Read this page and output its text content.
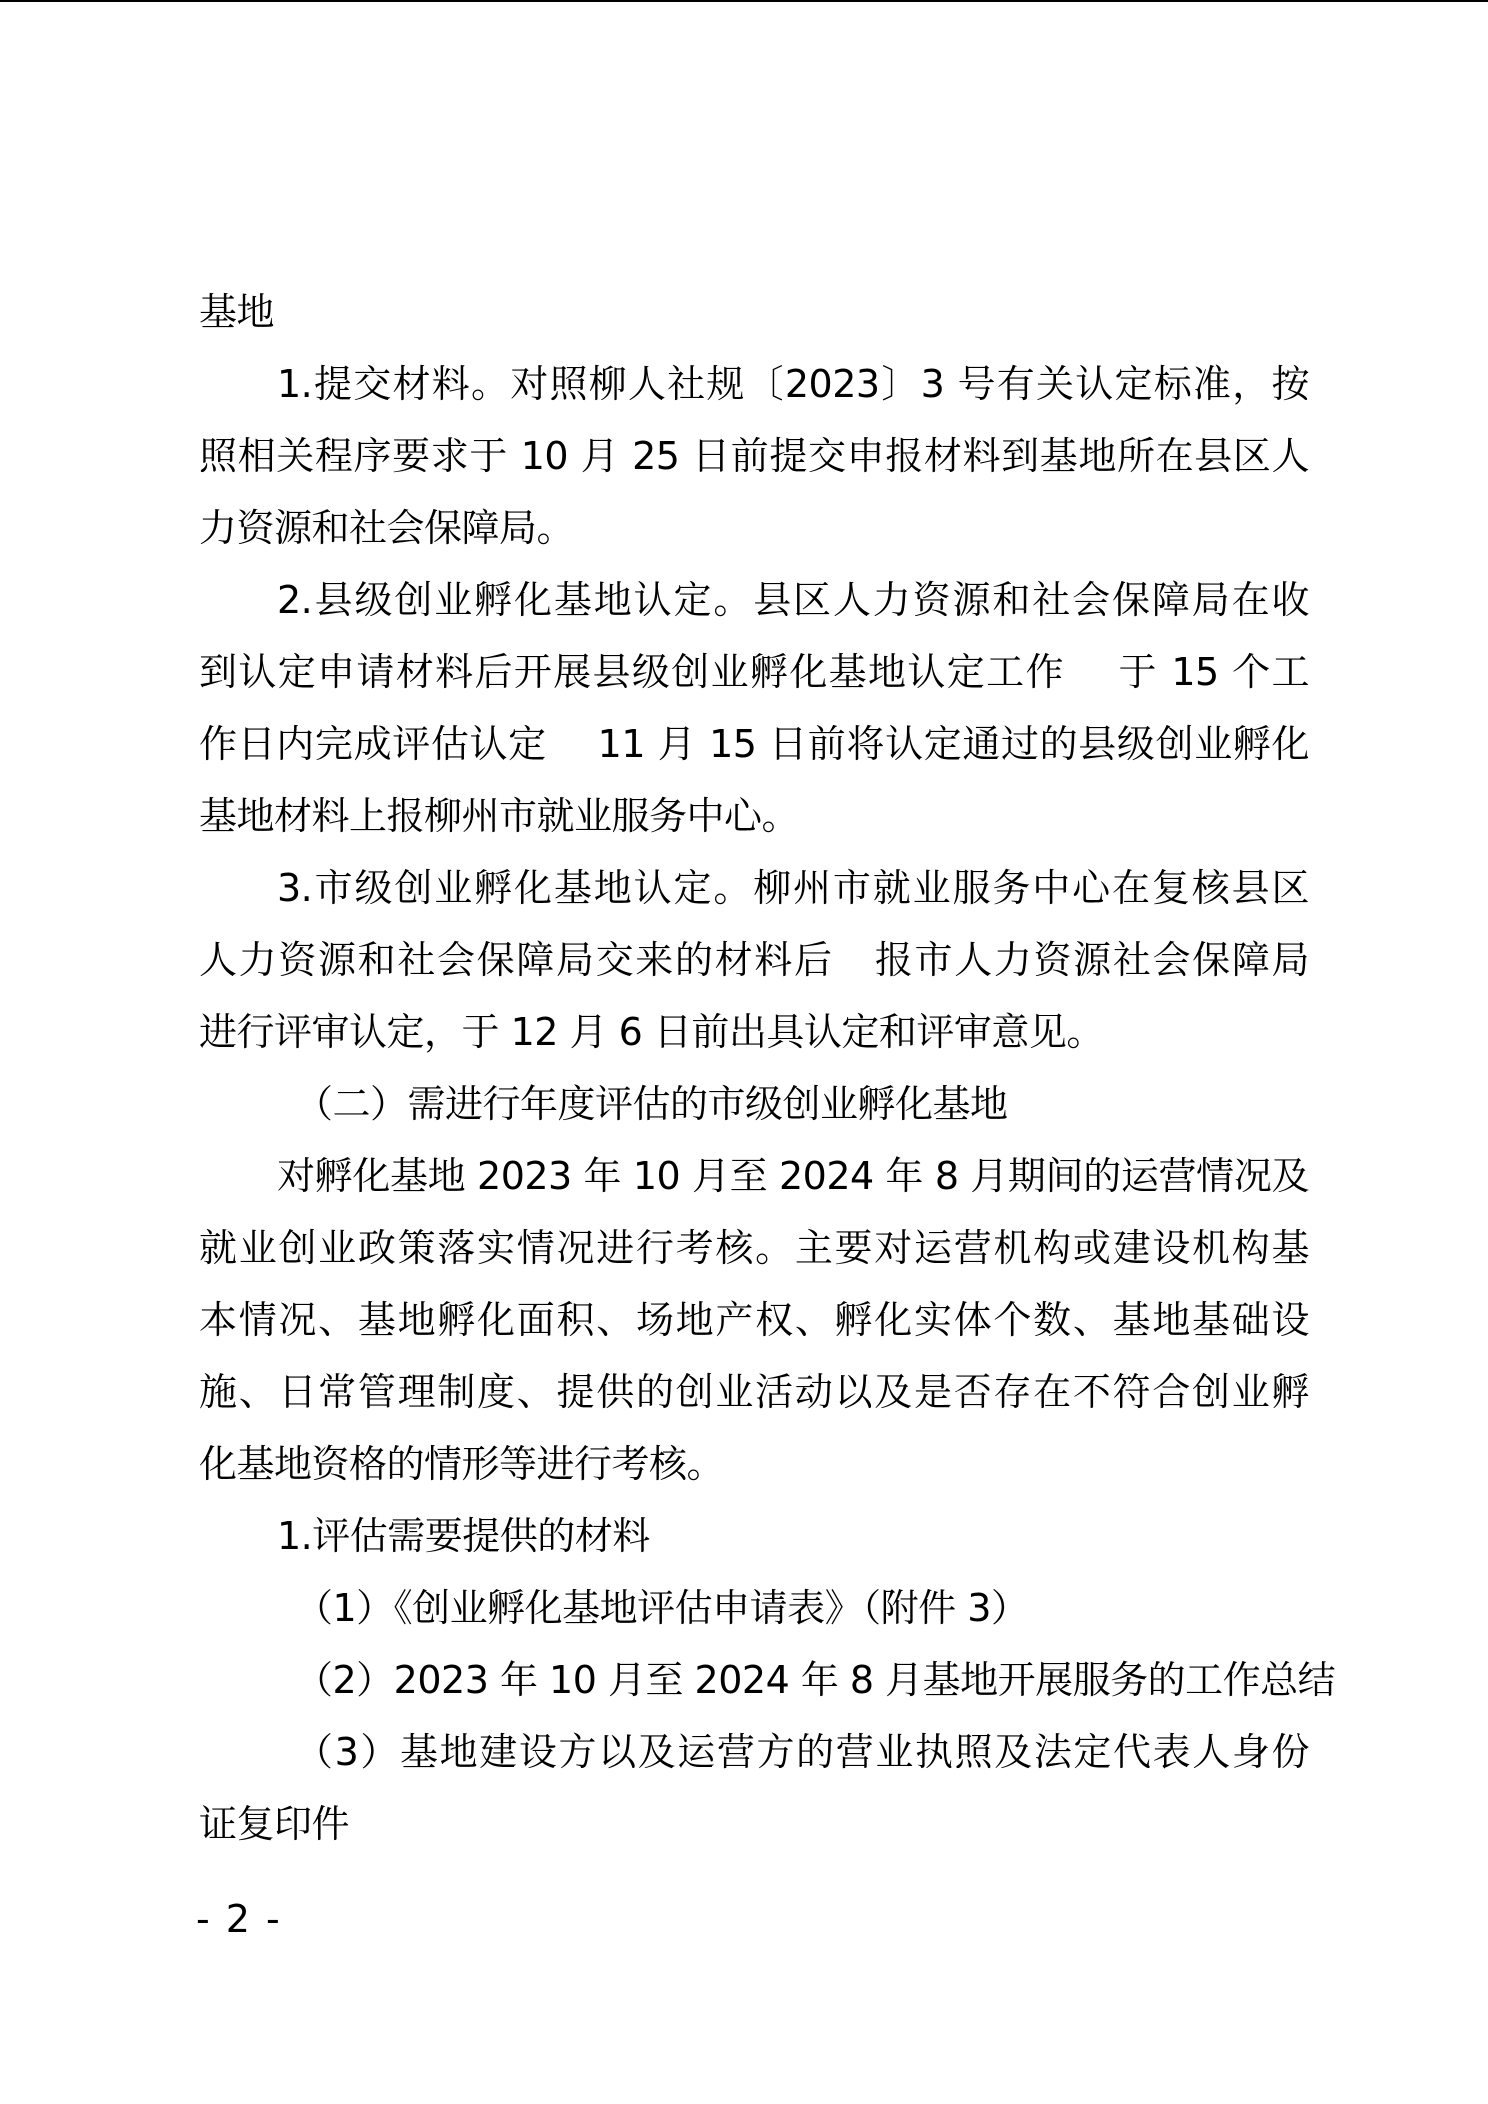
基地
1.提交材料。对照柳人社规〔2023〕3 号有关认定标准，按
照相关程序要求于 10 月 25 日前提交申报材料到基地所在县区人
力资源和社会保障局。
2.县级创业孵化基地认定。县区人力资源和社会保障局在收
到认定申请材料后开展县级创业孵化基地认定工作    于 15 个工
作日内完成评估认定    11 月 15 日前将认定通过的县级创业孵化
基地材料上报柳州市就业服务中心。
3.市级创业孵化基地认定。柳州市就业服务中心在复核县区
人力资源和社会保障局交来的材料后   报市人力资源社会保障局
进行评审认定，于 12 月 6 日前出具认定和评审意见。
（二）需进行年度评估的市级创业孵化基地
对孵化基地 2023 年 10 月至 2024 年 8 月期间的运营情况及
就业创业政策落实情况进行考核。主要对运营机构或建设机构基
本情况、基地孵化面积、场地产权、孵化实体个数、基地基础设
施、日常管理制度、提供的创业活动以及是否存在不符合创业孵
化基地资格的情形等进行考核。
1.评估需要提供的材料
（1）《创业孵化基地评估申请表》（附件 3）
（2）2023 年 10 月至 2024 年 8 月基地开展服务的工作总结
（3）基地建设方以及运营方的营业执照及法定代表人身份
证复印件
- 2 -
